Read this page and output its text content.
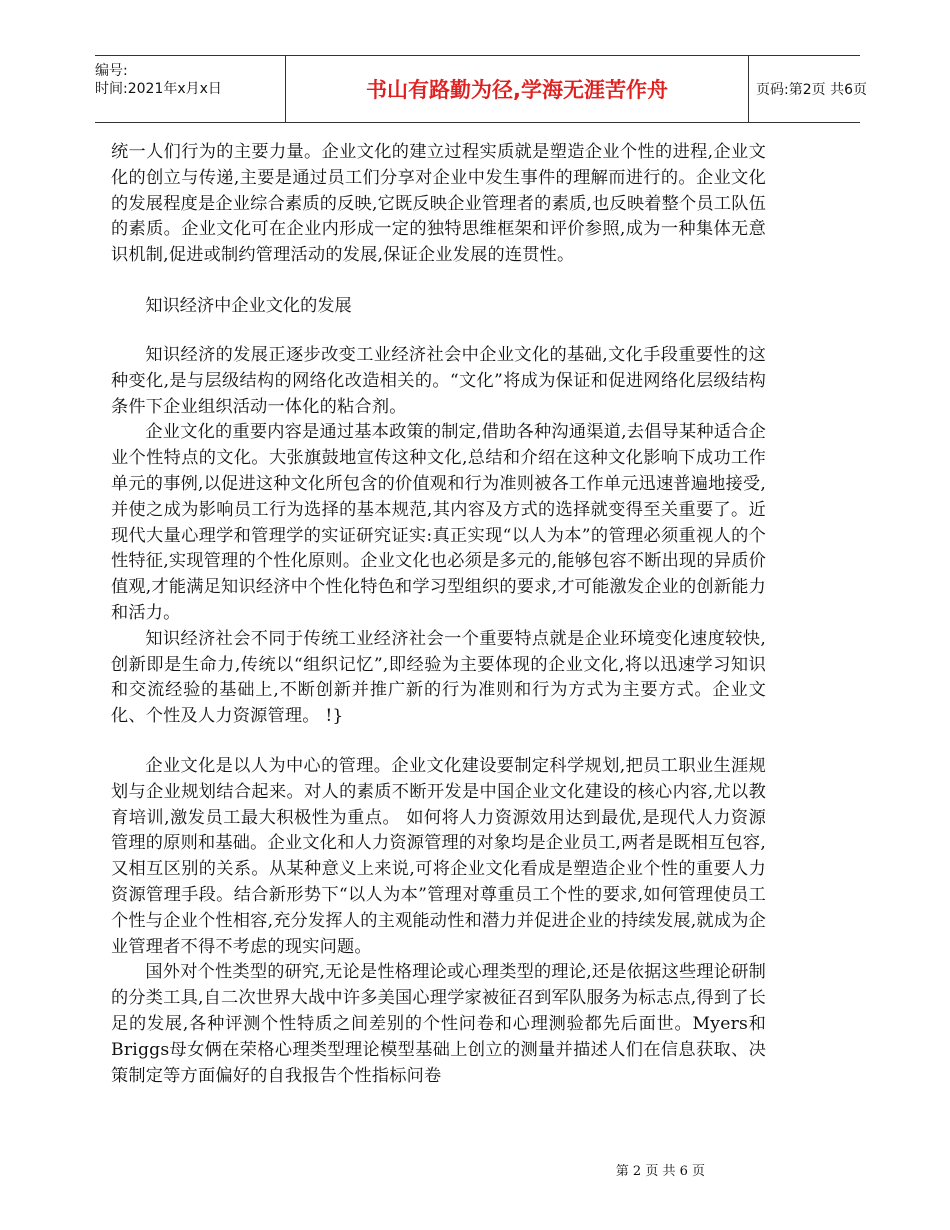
编号:
时间:2021年x月x日	书山有路勤为径,学海无涯苦作舟	页码:第2页 共6页

统一人们行为的主要力量。企业文化的建立过程实质就是塑造企业个性的进程,企业文化的创立与传递,主要是通过员工们分享对企业中发生事件的理解而进行的。企业文化的发展程度是企业综合素质的反映,它既反映企业管理者的素质,也反映着整个员工队伍的素质。企业文化可在企业内形成一定的独特思维框架和评价参照,成为一种集体无意识机制,促进或制约管理活动的发展,保证企业发展的连贯性。

知识经济中企业文化的发展

知识经济的发展正逐步改变工业经济社会中企业文化的基础,文化手段重要性的这种变化,是与层级结构的网络化改造相关的。“文化”将成为保证和促进网络化层级结构条件下企业组织活动一体化的粘合剂。

企业文化的重要内容是通过基本政策的制定,借助各种沟通渠道,去倡导某种适合企业个性特点的文化。大张旗鼓地宣传这种文化,总结和介绍在这种文化影响下成功工作单元的事例,以促进这种文化所包含的价值观和行为准则被各工作单元迅速普遍地接受,并使之成为影响员工行为选择的基本规范,其内容及方式的选择就变得至关重要了。近现代大量心理学和管理学的实证研究证实:真正实现“以人为本”的管理必须重视人的个性特征,实现管理的个性化原则。企业文化也必须是多元的,能够包容不断出现的异质价值观,才能满足知识经济中个性化特色和学习型组织的要求,才可能激发企业的创新能力和活力。

知识经济社会不同于传统工业经济社会一个重要特点就是企业环境变化速度较快,创新即是生命力,传统以“组织记忆”,即经验为主要体现的企业文化,将以迅速学习知识和交流经验的基础上,不断创新并推广新的行为准则和行为方式为主要方式。企业文化、个性及人力资源管理。 !}

企业文化是以人为中心的管理。企业文化建设要制定科学规划,把员工职业生涯规划与企业规划结合起来。对人的素质不断开发是中国企业文化建设的核心内容,尤以教育培训,激发员工最大积极性为重点。 如何将人力资源效用达到最优,是现代人力资源管理的原则和基础。企业文化和人力资源管理的对象均是企业员工,两者是既相互包容,又相互区别的关系。从某种意义上来说,可将企业文化看成是塑造企业个性的重要人力资源管理手段。结合新形势下“以人为本”管理对尊重员工个性的要求,如何管理使员工个性与企业个性相容,充分发挥人的主观能动性和潜力并促进企业的持续发展,就成为企业管理者不得不考虑的现实问题。

国外对个性类型的研究,无论是性格理论或心理类型的理论,还是依据这些理论研制的分类工具,自二次世界大战中许多美国心理学家被征召到军队服务为标志点,得到了长足的发展,各种评测个性特质之间差别的个性问卷和心理测验都先后面世。Myers和Briggs母女俩在荣格心理类型理论模型基础上创立的测量并描述人们在信息获取、决策制定等方面偏好的自我报告个性指标问卷

第 2 页 共 6 页
